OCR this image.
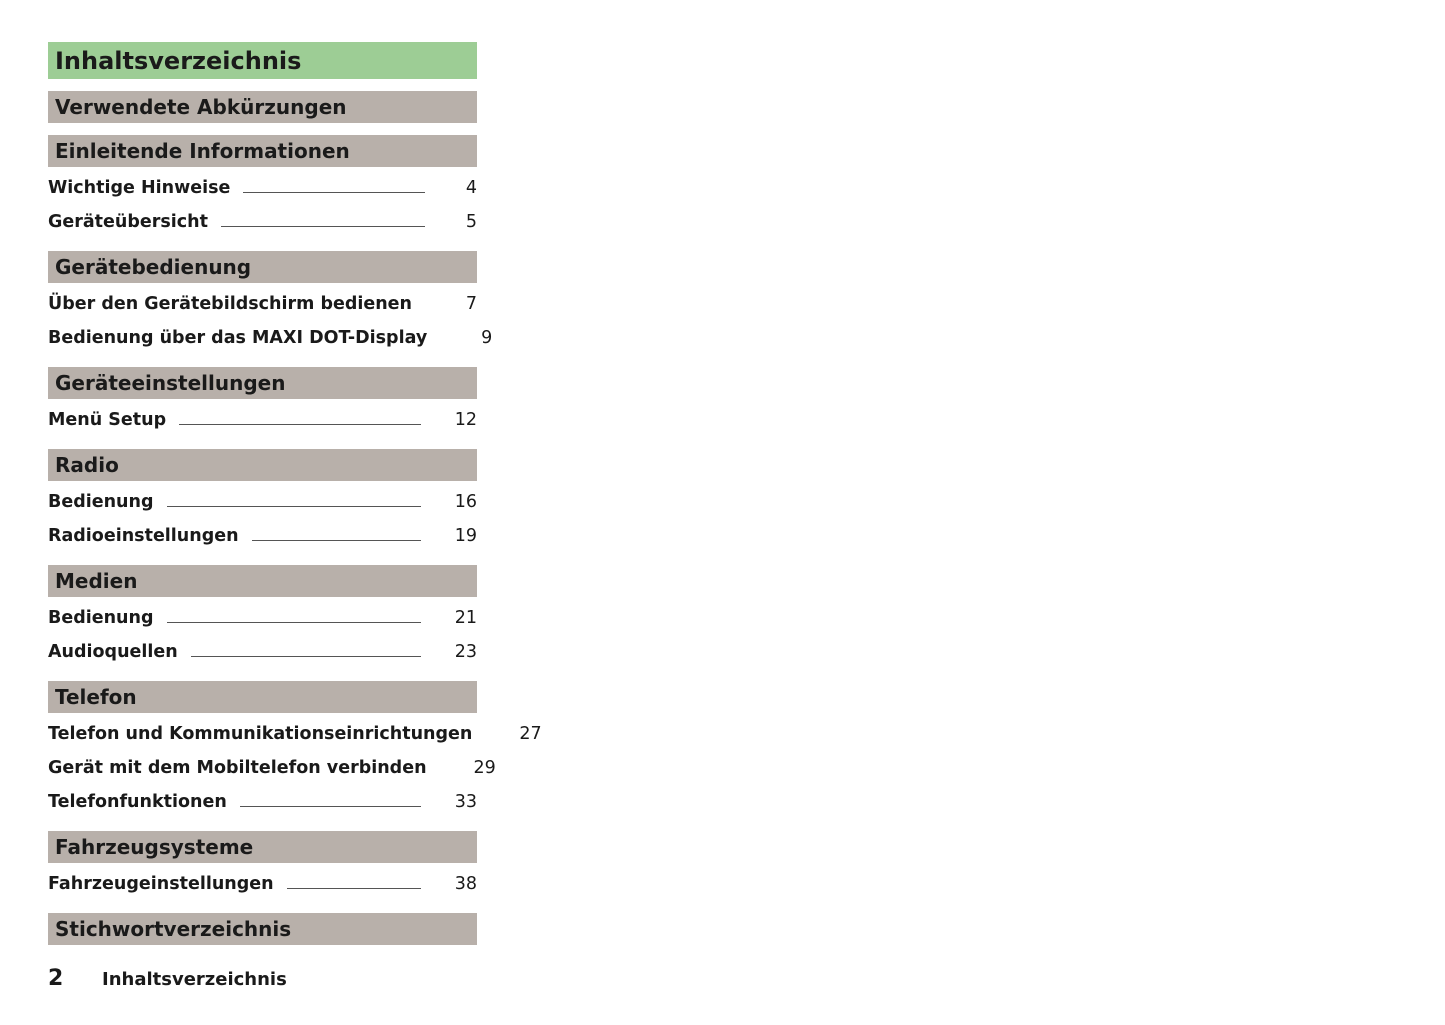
Inhaltsverzeichnis
Verwendete Abkürzungen
Einleitende Informationen
Wichtige Hinweise	4
Geräteübersicht	5
Gerätebedienung
Über den Gerätebildschirm bedienen	7
Bedienung über das MAXI DOT-Display	9
Geräteeinstellungen
Menü Setup	12
Radio
Bedienung	16
Radioeinstellungen	19
Medien
Bedienung	21
Audioquellen	23
Telefon
Telefon und Kommunikationseinrichtungen	27
Gerät mit dem Mobiltelefon verbinden	29
Telefonfunktionen	33
Fahrzeugsysteme
Fahrzeugeinstellungen	38
Stichwortverzeichnis
2	Inhaltsverzeichnis
